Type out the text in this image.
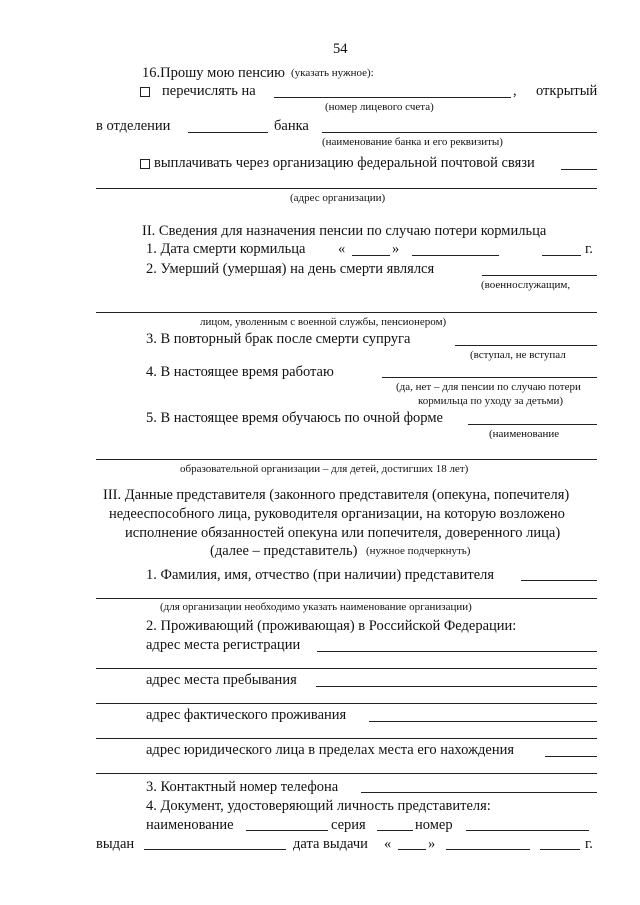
54
16.Прошу мою пенсию (указать нужное):
перечислять на	, открытый
(номер лицевого счета)
в отделении	банка
(наименование банка и его реквизиты)
выплачивать через организацию федеральной почтовой связи
(адрес организации)
II. Сведения для назначения пенсии по случаю потери кормильца
1. Дата смерти кормильца «	»	г.
2. Умерший (умершая) на день смерти являлся
(военнослужащим,
лицом, уволенным с военной службы, пенсионером)
3. В повторный брак после смерти супруга
(вступал, не вступал
4. В настоящее время работаю
(да, нет – для пенсии по случаю потери
кормильца по уходу за детьми)
5. В настоящее время обучаюсь по очной форме
(наименование
образовательной организации – для детей, достигших 18 лет)
III. Данные представителя (законного представителя (опекуна, попечителя)
недееспособного лица, руководителя организации, на которую возложено
исполнение обязанностей опекуна или попечителя, доверенного лица)
(далее – представитель) (нужное подчеркнуть)
1. Фамилия, имя, отчество (при наличии) представителя
(для организации необходимо указать наименование организации)
2. Проживающий (проживающая) в Российской Федерации:
адрес места регистрации
адрес места пребывания
адрес фактического проживания
адрес юридического лица в пределах места его нахождения
3. Контактный номер телефона
4. Документ, удостоверяющий личность представителя:
наименование	серия	номер
выдан	дата выдачи «	»	г.
